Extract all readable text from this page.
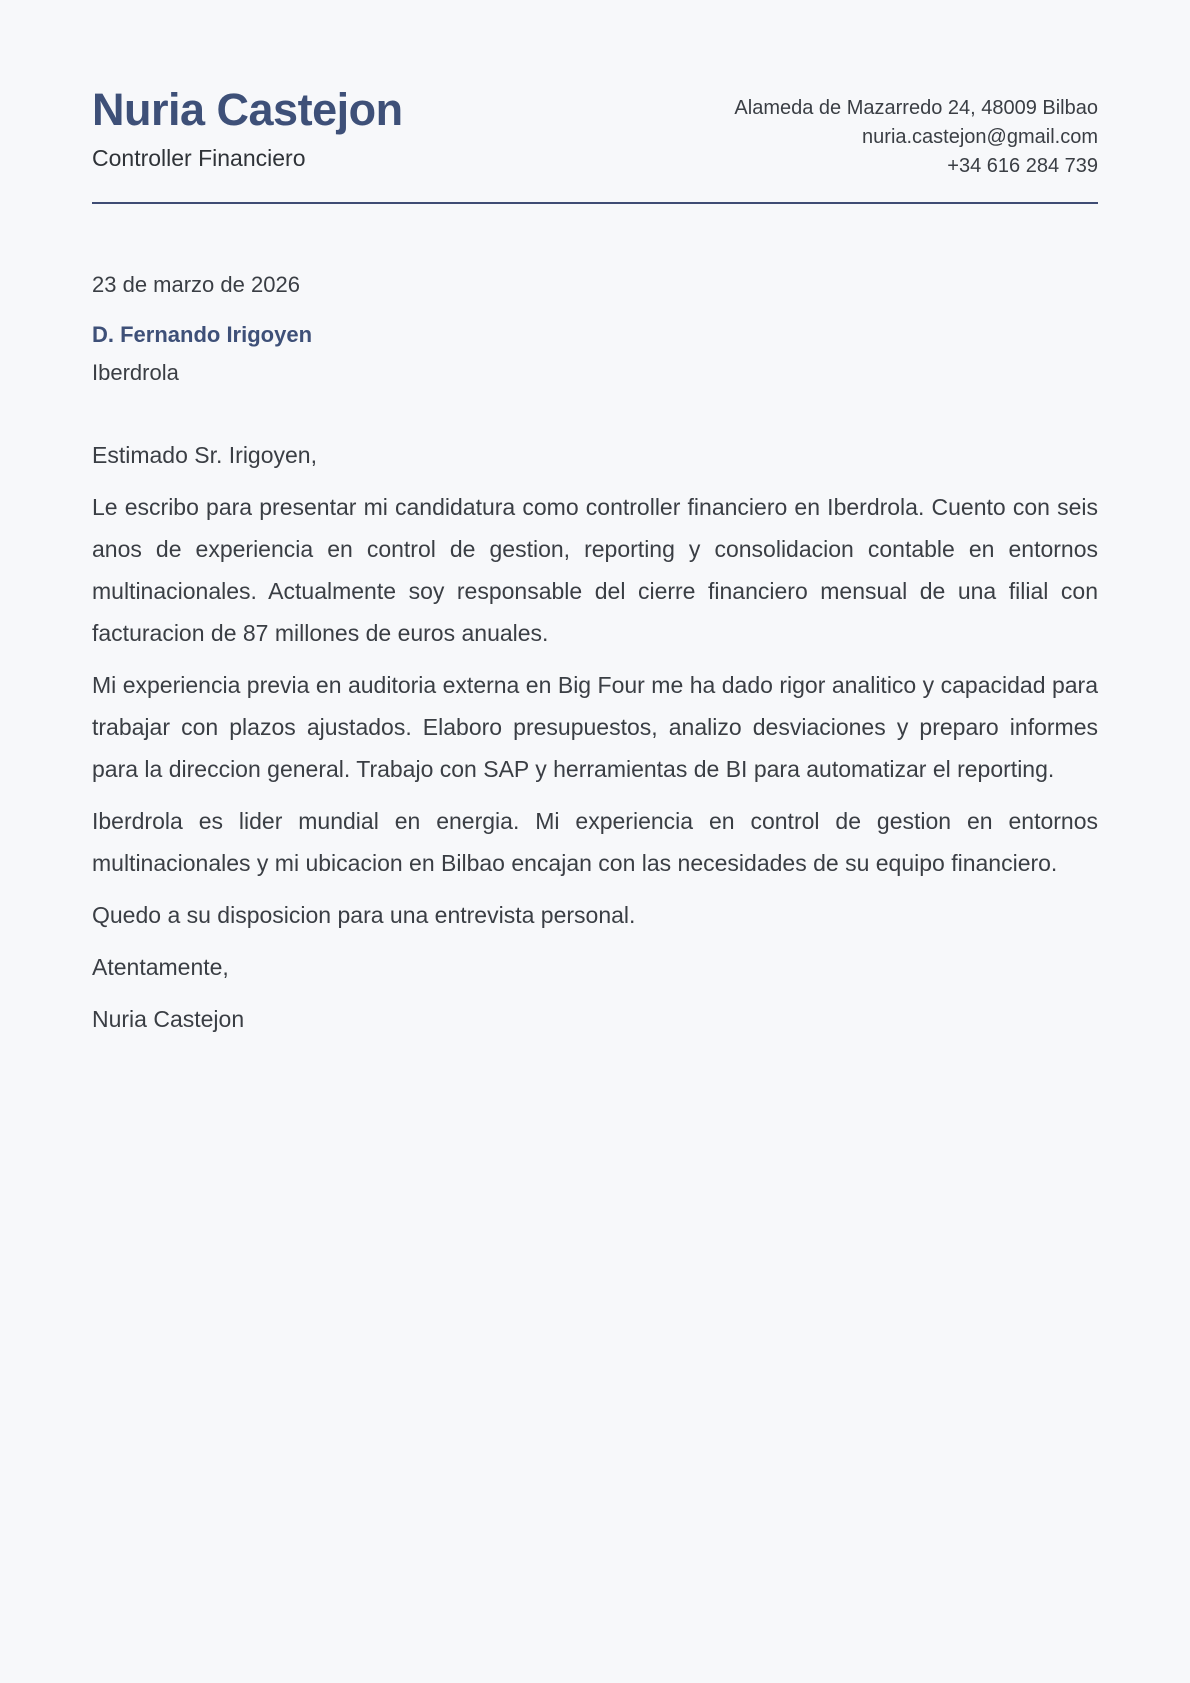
Nuria Castejon
Controller Financiero
Alameda de Mazarredo 24, 48009 Bilbao
nuria.castejon@gmail.com
+34 616 284 739
23 de marzo de 2026
D. Fernando Irigoyen
Iberdrola

Estimado Sr. Irigoyen,

Le escribo para presentar mi candidatura como controller financiero en Iberdrola. Cuento con seis anos de experiencia en control de gestion, reporting y consolidacion contable en entornos multinacionales. Actualmente soy responsable del cierre financiero mensual de una filial con facturacion de 87 millones de euros anuales.

Mi experiencia previa en auditoria externa en Big Four me ha dado rigor analitico y capacidad para trabajar con plazos ajustados. Elaboro presupuestos, analizo desviaciones y preparo informes para la direccion general. Trabajo con SAP y herramientas de BI para automatizar el reporting.

Iberdrola es lider mundial en energia. Mi experiencia en control de gestion en entornos multinacionales y mi ubicacion en Bilbao encajan con las necesidades de su equipo financiero.

Quedo a su disposicion para una entrevista personal.

Atentamente,

Nuria Castejon
